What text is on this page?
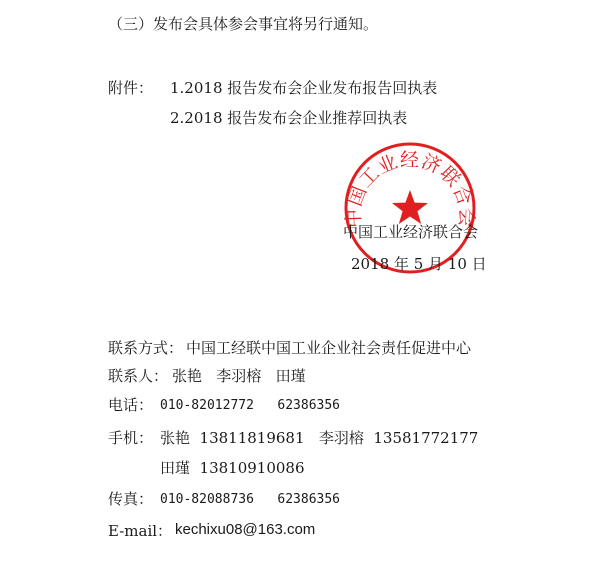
（三）发布会具体参会事宜将另行通知。
附件： 1.2018 报告发布会企业发布报告回执表
2.2018 报告发布会企业推荐回执表
中国工业经济联合会
中国工业经济联合会
2018 年 5 月 10 日
联系方式： 中国工经联中国工业企业社会责任促进中心
联系人： 张艳   李羽榕   田瑾
电话： 010-82012772   62386356
手机： 张艳  13811819681   李羽榕  13581772177
田瑾  13810910086
传真： 010-82088736   62386356
E-mail： kechixu08@163.com
